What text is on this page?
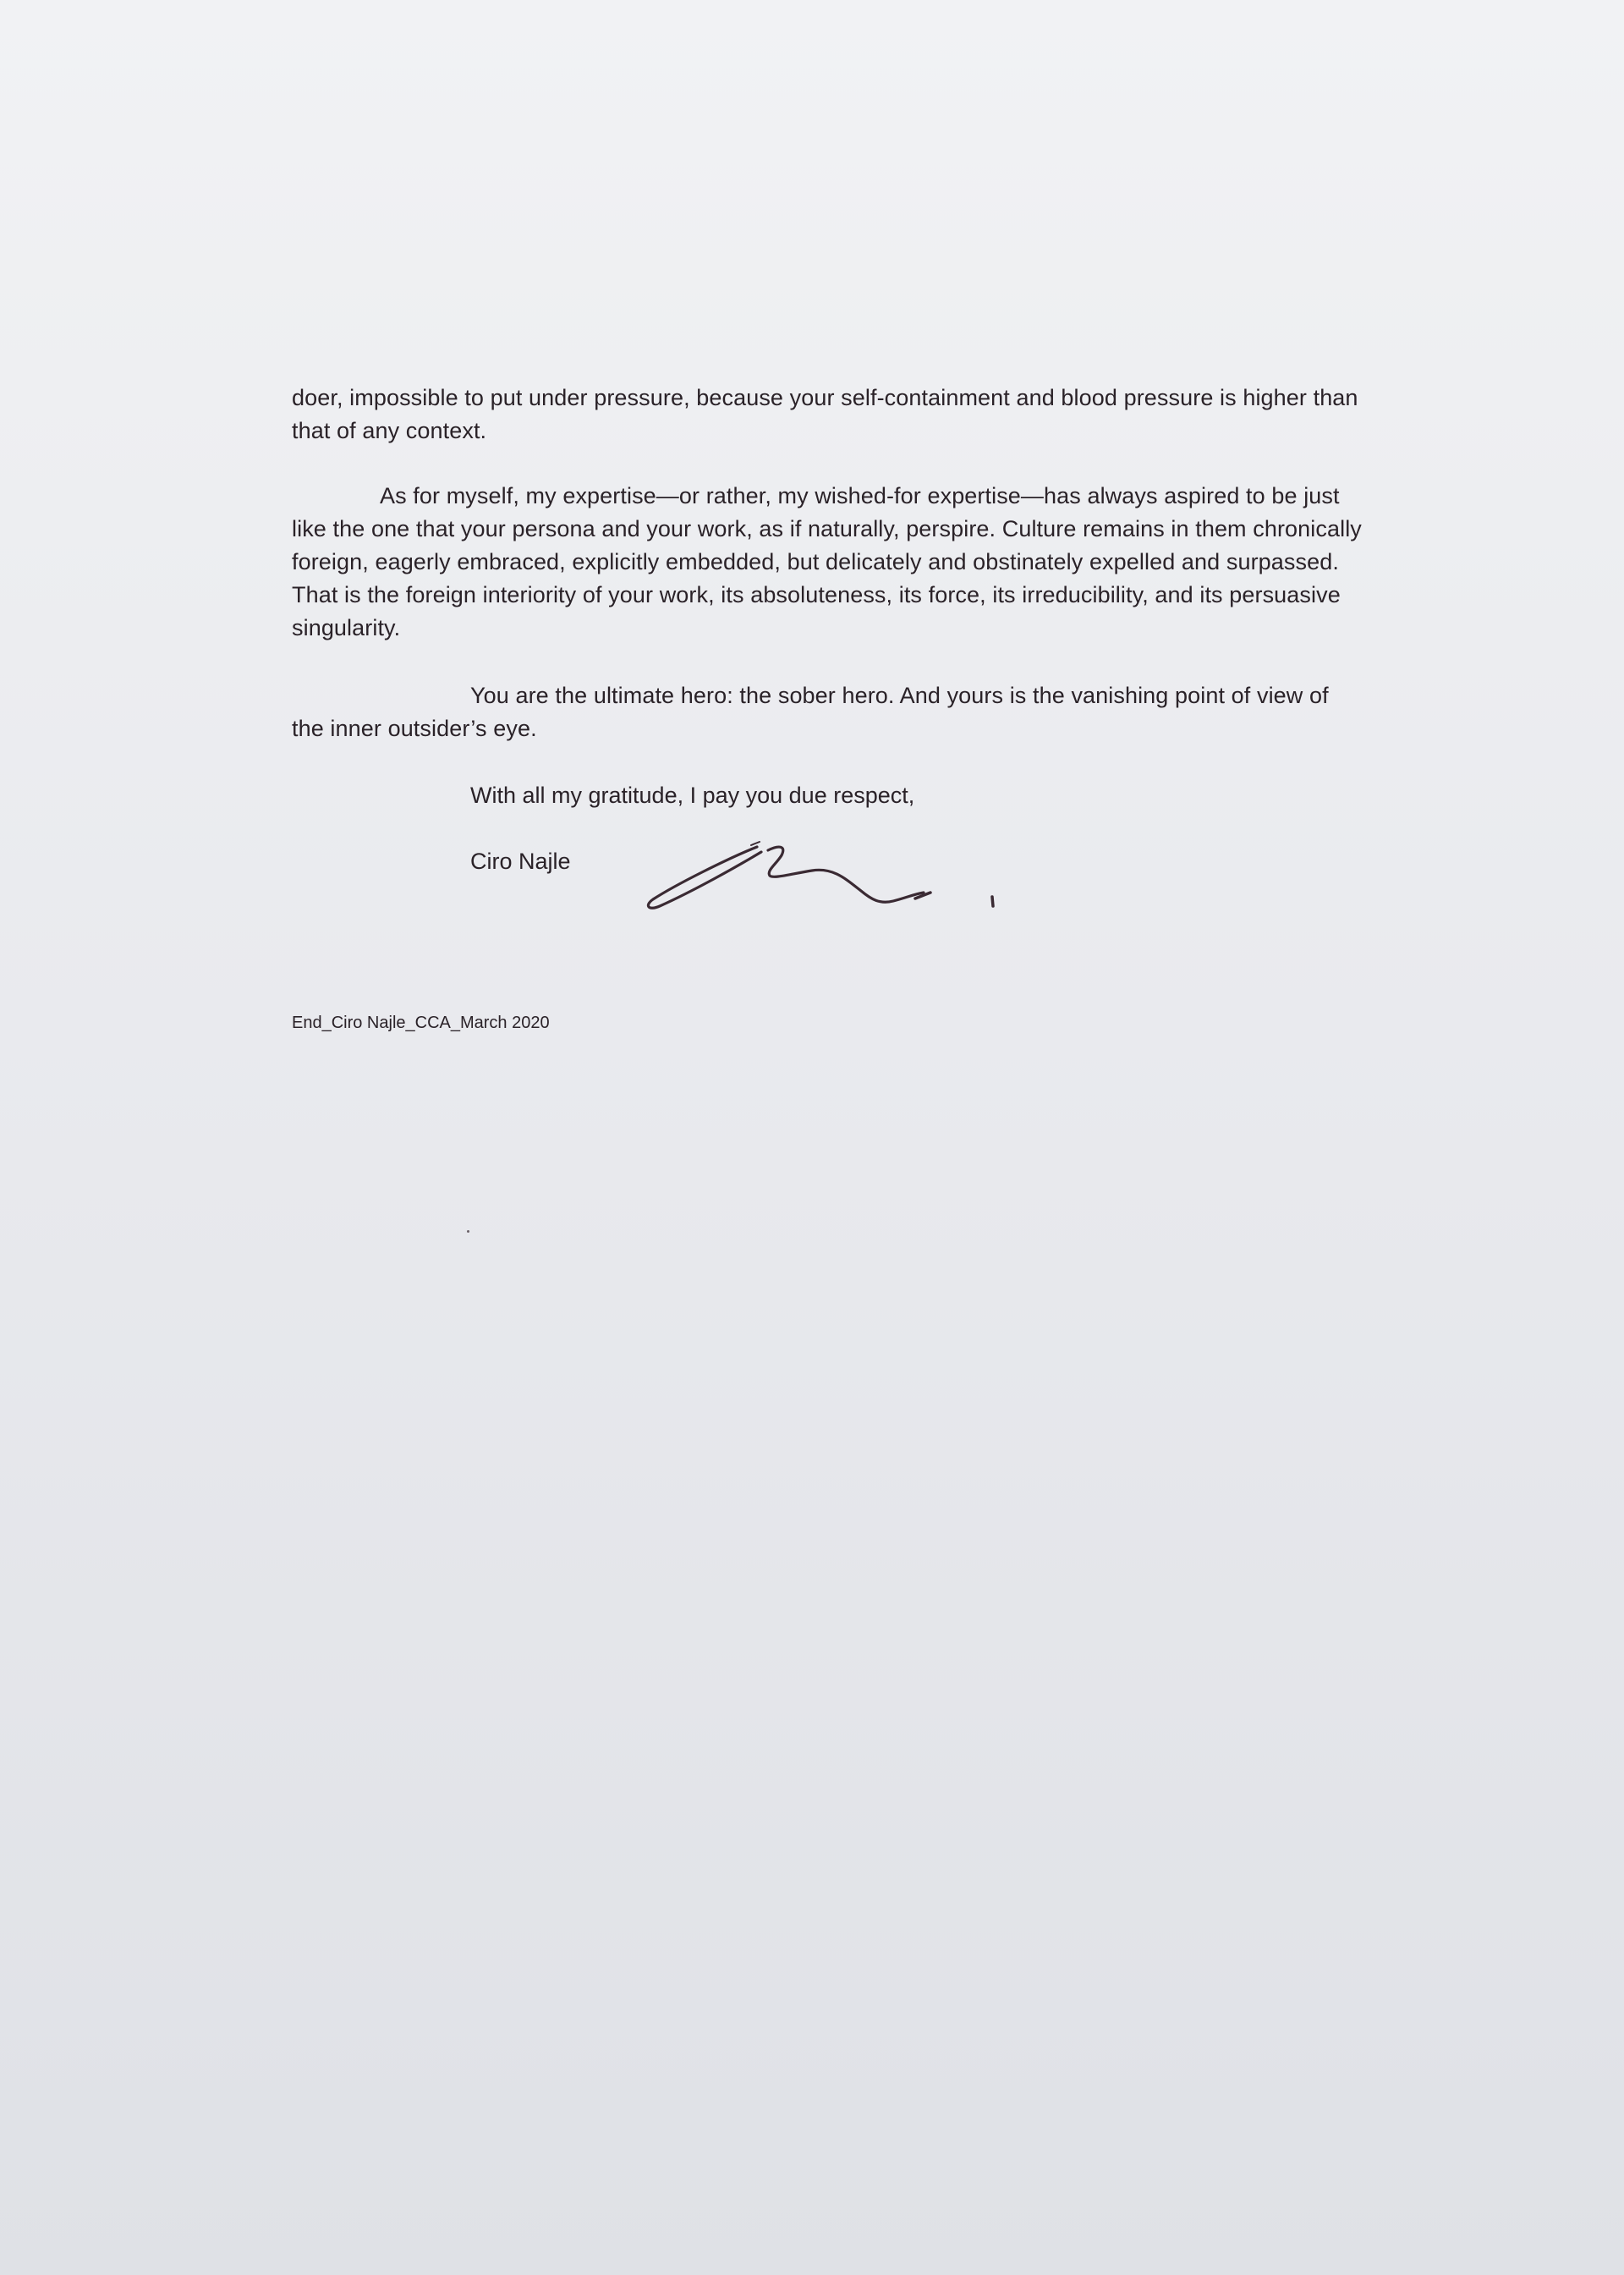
doer, impossible to put under pressure, because your self-containment and blood pressure is higher than that of any context.

As for myself, my expertise—or rather, my wished-for expertise—has always aspired to be just like the one that your persona and your work, as if naturally, perspire. Culture remains in them chronically foreign, eagerly embraced, explicitly embedded, but delicately and obstinately expelled and surpassed. That is the foreign interiority of your work, its absoluteness, its force, its irreducibility, and its persuasive singularity.

You are the ultimate hero: the sober hero. And yours is the vanishing point of view of the inner outsider’s eye.

With all my gratitude, I pay you due respect,

Ciro Najle

End_Ciro Najle_CCA_March 2020
